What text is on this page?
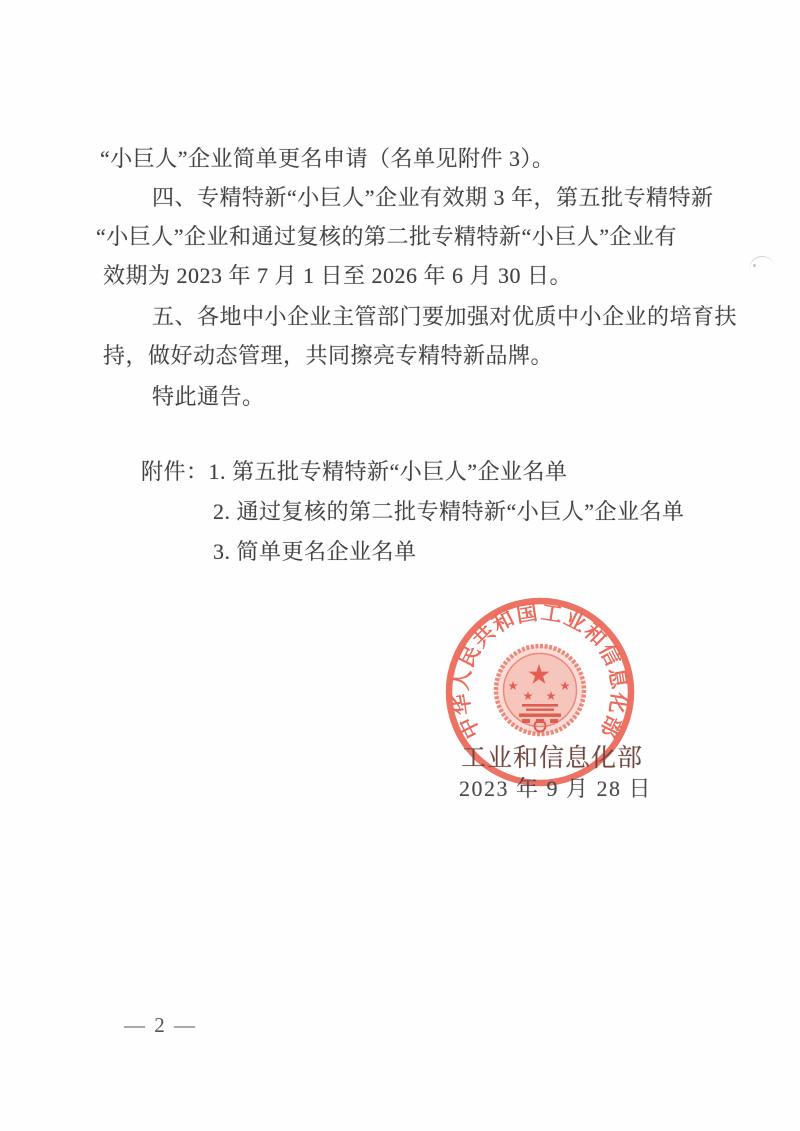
“小巨人”企业简单更名申请（名单见附件 3）。
四、专精特新“小巨人”企业有效期 3 年，第五批专精特新
“小巨人”企业和通过复核的第二批专精特新“小巨人”企业有
效期为 2023 年 7 月 1 日至 2026 年 6 月 30 日。
五、各地中小企业主管部门要加强对优质中小企业的培育扶
持，做好动态管理，共同擦亮专精特新品牌。
特此通告。
附件：1. 第五批专精特新“小巨人”企业名单
2. 通过复核的第二批专精特新“小巨人”企业名单
3. 简单更名企业名单
中华人民共和国工业和信息化部
工业和信息化部
2023 年 9 月 28 日
— 2 —
